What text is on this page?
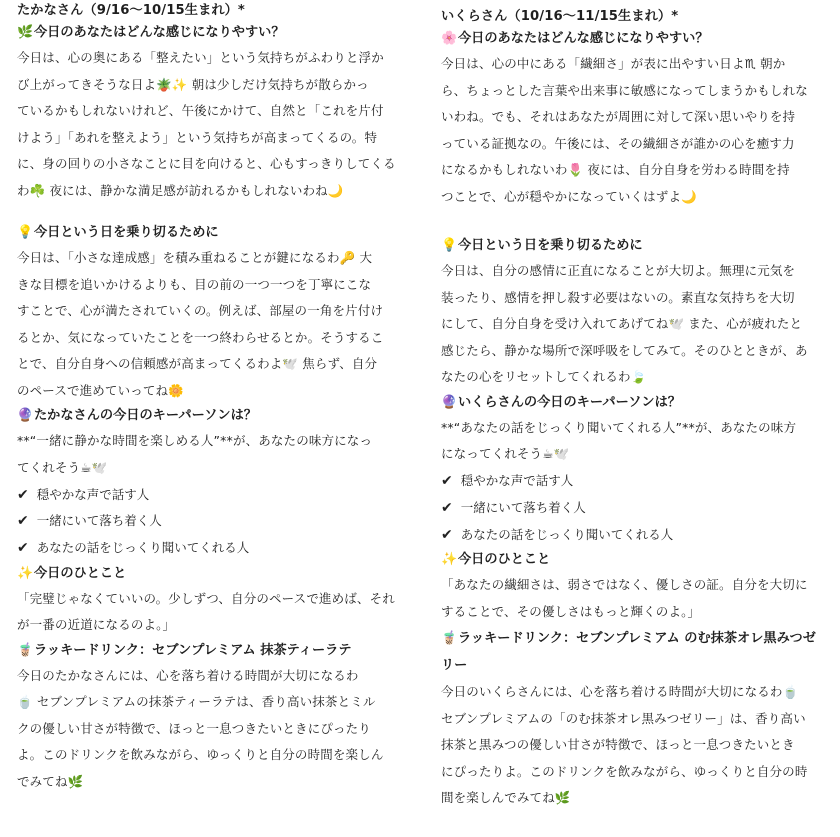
たかなさん（9/16〜10/15生まれ）*
🌿今日のあなたはどんな感じになりやすい？
今日は、心の奥にある「整えたい」という気持ちがふわりと浮か
び上がってきそうな日よ🪴✨ 朝は少しだけ気持ちが散らかっ
ているかもしれないけれど、午後にかけて、自然と「これを片付
けよう」「あれを整えよう」という気持ちが高まってくるの。特
に、身の回りの小さなことに目を向けると、心もすっきりしてくる
わ☘️ 夜には、静かな満足感が訪れるかもしれないわね🌙
💡今日という日を乗り切るために
今日は、「小さな達成感」を積み重ねることが鍵になるわ🔑 大
きな目標を追いかけるよりも、目の前の一つ一つを丁寧にこな
すことで、心が満たされていくの。例えば、部屋の一角を片付け
るとか、気になっていたことを一つ終わらせるとか。そうするこ
とで、自分自身への信頼感が高まってくるわよ🕊️ 焦らず、自分
のペースで進めていってね🌼
🔮たかなさんの今日のキーパーソンは？
**“一緒に静かな時間を楽しめる人”**が、あなたの味方になっ
てくれそう☕🕊️
✔ 穏やかな声で話す人
✔ 一緒にいて落ち着く人
✔ あなたの話をじっくり聞いてくれる人
✨今日のひとこと
「完璧じゃなくていいの。少しずつ、自分のペースで進めば、それ
が一番の近道になるのよ。」
🧋ラッキードリンク：セブンプレミアム 抹茶ティーラテ
今日のたかなさんには、心を落ち着ける時間が大切になるわ
🍵 セブンプレミアムの抹茶ティーラテは、香り高い抹茶とミル
クの優しい甘さが特徴で、ほっと一息つきたいときにぴったり
よ。このドリンクを飲みながら、ゆっくりと自分の時間を楽しん
でみてね🌿
いくらさん（10/16〜11/15生まれ）*
🌸今日のあなたはどんな感じになりやすい？
今日は、心の中にある「繊細さ」が表に出やすい日よ♏ 朝か
ら、ちょっとした言葉や出来事に敏感になってしまうかもしれな
いわね。でも、それはあなたが周囲に対して深い思いやりを持
っている証拠なの。午後には、その繊細さが誰かの心を癒す力
になるかもしれないわ🌷 夜には、自分自身を労わる時間を持
つことで、心が穏やかになっていくはずよ🌙
💡今日という日を乗り切るために
今日は、自分の感情に正直になることが大切よ。無理に元気を
装ったり、感情を押し殺す必要はないの。素直な気持ちを大切
にして、自分自身を受け入れてあげてね🕊️ また、心が疲れたと
感じたら、静かな場所で深呼吸をしてみて。そのひとときが、あ
なたの心をリセットしてくれるわ🍃
🔮いくらさんの今日のキーパーソンは？
**“あなたの話をじっくり聞いてくれる人”**が、あなたの味方
になってくれそう☕🕊️
✔ 穏やかな声で話す人
✔ 一緒にいて落ち着く人
✔ あなたの話をじっくり聞いてくれる人
✨今日のひとこと
「あなたの繊細さは、弱さではなく、優しさの証。自分を大切に
することで、その優しさはもっと輝くのよ。」
🧋ラッキードリンク：セブンプレミアム のむ抹茶オレ黒みつゼ
リー
今日のいくらさんには、心を落ち着ける時間が大切になるわ🍵
セブンプレミアムの「のむ抹茶オレ黒みつゼリー」は、香り高い
抹茶と黒みつの優しい甘さが特徴で、ほっと一息つきたいとき
にぴったりよ。このドリンクを飲みながら、ゆっくりと自分の時
間を楽しんでみてね🌿
